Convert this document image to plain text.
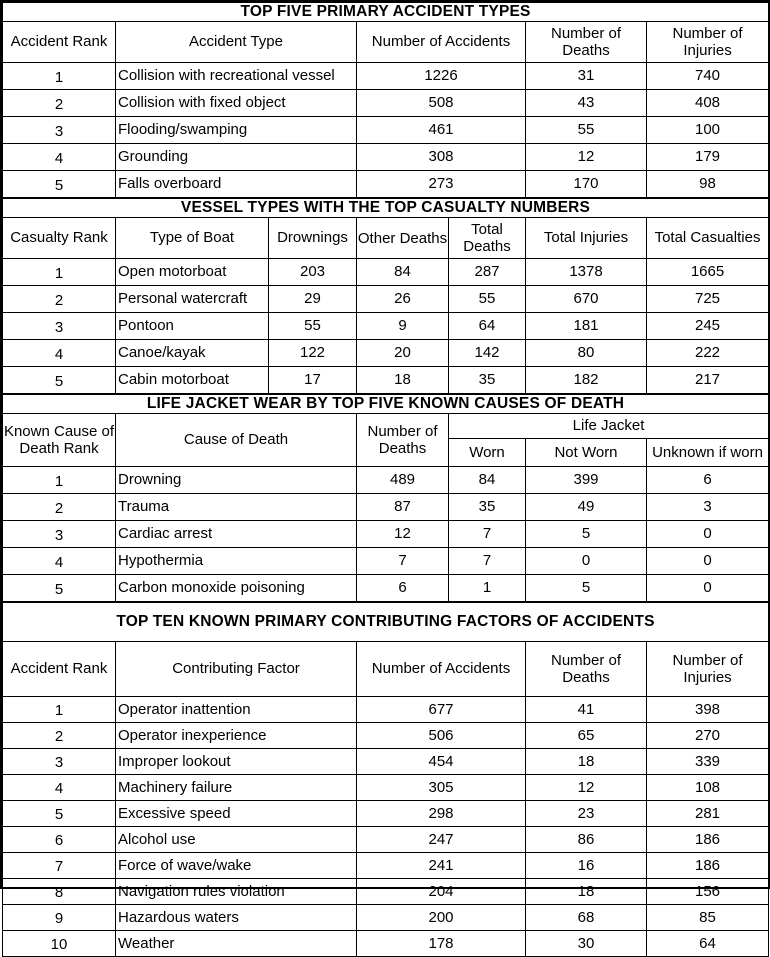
TOP FIVE PRIMARY ACCIDENT TYPES				
Accident Rank	Accident Type	Number of Accidents	Number of Deaths	Number of Injuries
1	Collision with recreational vessel	1226	31	740
2	Collision with fixed object	508	43	408
3	Flooding/swamping	461	55	100
4	Grounding	308	12	179
5	Falls overboard	273	170	98
VESSEL TYPES WITH THE TOP CASUALTY NUMBERS						
Casualty Rank	Type of Boat	Drownings	Other Deaths	Total Deaths	Total Injuries	Total Casualties
1	Open motorboat	203	84	287	1378	1665
2	Personal watercraft	29	26	55	670	725
3	Pontoon	55	9	64	181	245
4	Canoe/kayak	122	20	142	80	222
5	Cabin motorboat	17	18	35	182	217
LIFE JACKET WEAR BY TOP FIVE KNOWN CAUSES OF DEATH					
Known Cause of Death Rank	Cause of Death	Number of Deaths	Life Jacket		
			Worn	Not Worn	Unknown if worn
1	Drowning	489	84	399	6
2	Trauma	87	35	49	3
3	Cardiac arrest	12	7	5	0
4	Hypothermia	7	7	0	0
5	Carbon monoxide poisoning	6	1	5	0
TOP TEN KNOWN PRIMARY CONTRIBUTING FACTORS OF ACCIDENTS				
Accident Rank	Contributing Factor	Number of Accidents	Number of Deaths	Number of Injuries
1	Operator inattention	677	41	398
2	Operator inexperience	506	65	270
3	Improper lookout	454	18	339
4	Machinery failure	305	12	108
5	Excessive speed	298	23	281
6	Alcohol use	247	86	186
7	Force of wave/wake	241	16	186
8	Navigation rules violation	204	18	156
9	Hazardous waters	200	68	85
10	Weather	178	30	64
